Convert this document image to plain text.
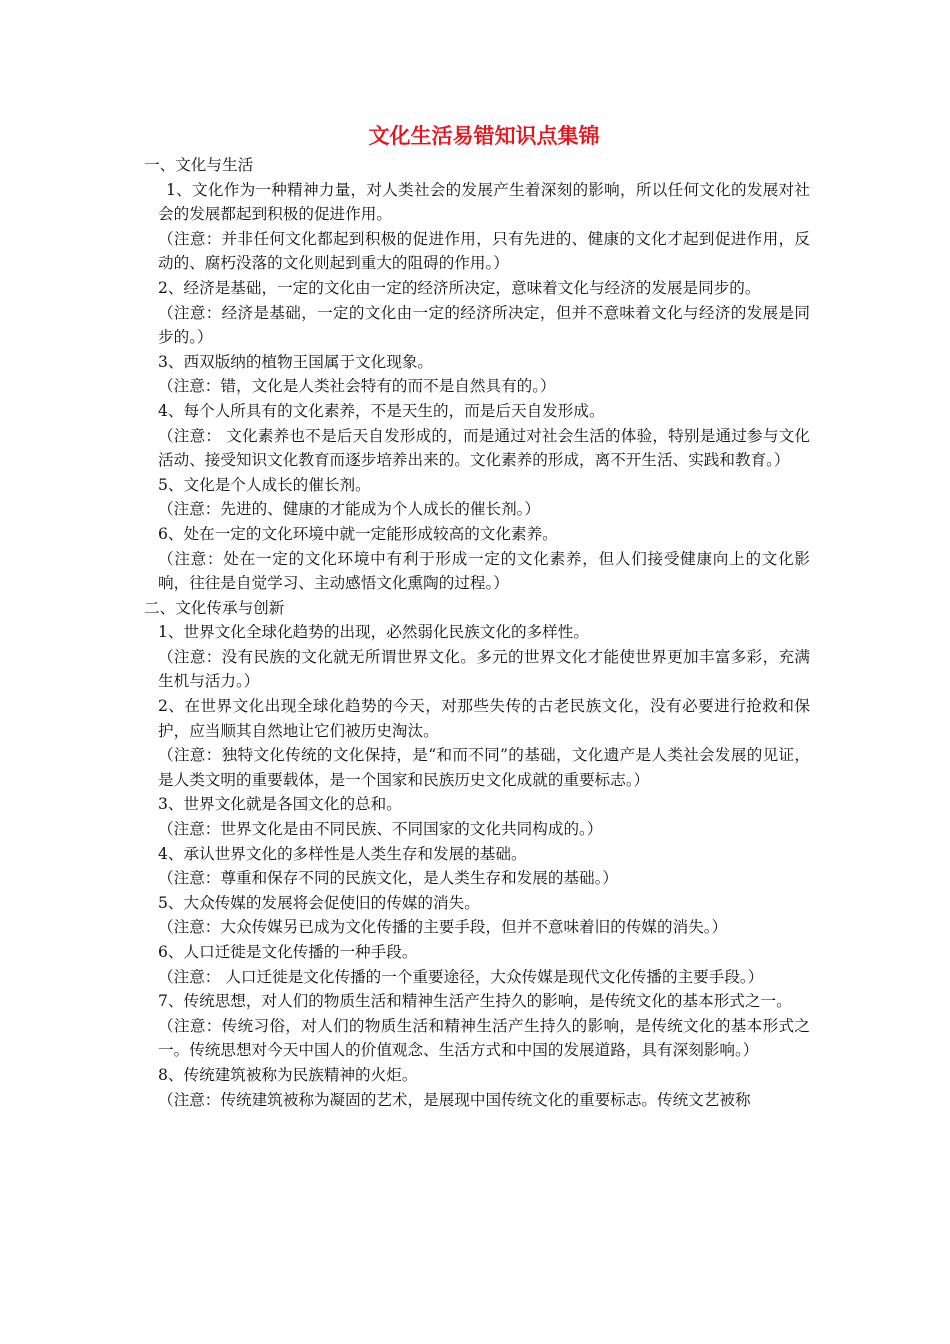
文化生活易错知识点集锦
一、文化与生活

1、文化作为一种精神力量，对人类社会的发展产生着深刻的影响，所以任何文化的发展对社会的发展都起到积极的促进作用。

（注意：并非任何文化都起到积极的促进作用，只有先进的、健康的文化才起到促进作用，反动的、腐朽没落的文化则起到重大的阻碍的作用。）

2、经济是基础，一定的文化由一定的经济所决定，意味着文化与经济的发展是同步的。

（注意：经济是基础，一定的文化由一定的经济所决定，但并不意味着文化与经济的发展是同步的。）

3、西双版纳的植物王国属于文化现象。

（注意：错，文化是人类社会特有的而不是自然具有的。）

4、每个人所具有的文化素养，不是天生的，而是后天自发形成。

（注意： 文化素养也不是后天自发形成的，而是通过对社会生活的体验，特别是通过参与文化活动、接受知识文化教育而逐步培养出来的。文化素养的形成，离不开生活、实践和教育。）

5、文化是个人成长的催长剂。

（注意：先进的、健康的才能成为个人成长的催长剂。）

6、处在一定的文化环境中就一定能形成较高的文化素养。

（注意：处在一定的文化环境中有利于形成一定的文化素养，但人们接受健康向上的文化影响，往往是自觉学习、主动感悟文化熏陶的过程。）

二、文化传承与创新

1、世界文化全球化趋势的出现，必然弱化民族文化的多样性。

（注意：没有民族的文化就无所谓世界文化。多元的世界文化才能使世界更加丰富多彩，充满生机与活力。）

2、在世界文化出现全球化趋势的今天，对那些失传的古老民族文化，没有必要进行抢救和保护，应当顺其自然地让它们被历史淘汰。

（注意：独特文化传统的文化保持，是“和而不同”的基础，文化遗产是人类社会发展的见证，是人类文明的重要载体，是一个国家和民族历史文化成就的重要标志。）

3、世界文化就是各国文化的总和。

（注意：世界文化是由不同民族、不同国家的文化共同构成的。）

4、承认世界文化的多样性是人类生存和发展的基础。

（注意：尊重和保存不同的民族文化，是人类生存和发展的基础。）

5、大众传媒的发展将会促使旧的传媒的消失。

（注意：大众传媒另已成为文化传播的主要手段，但并不意味着旧的传媒的消失。）

6、人口迁徙是文化传播的一种手段。

（注意： 人口迁徙是文化传播的一个重要途径，大众传媒是现代文化传播的主要手段。）

7、传统思想，对人们的物质生活和精神生活产生持久的影响，是传统文化的基本形式之一。

（注意：传统习俗，对人们的物质生活和精神生活产生持久的影响，是传统文化的基本形式之一。传统思想对今天中国人的价值观念、生活方式和中国的发展道路，具有深刻影响。）

8、传统建筑被称为民族精神的火炬。

（注意：传统建筑被称为凝固的艺术，是展现中国传统文化的重要标志。传统文艺被称
